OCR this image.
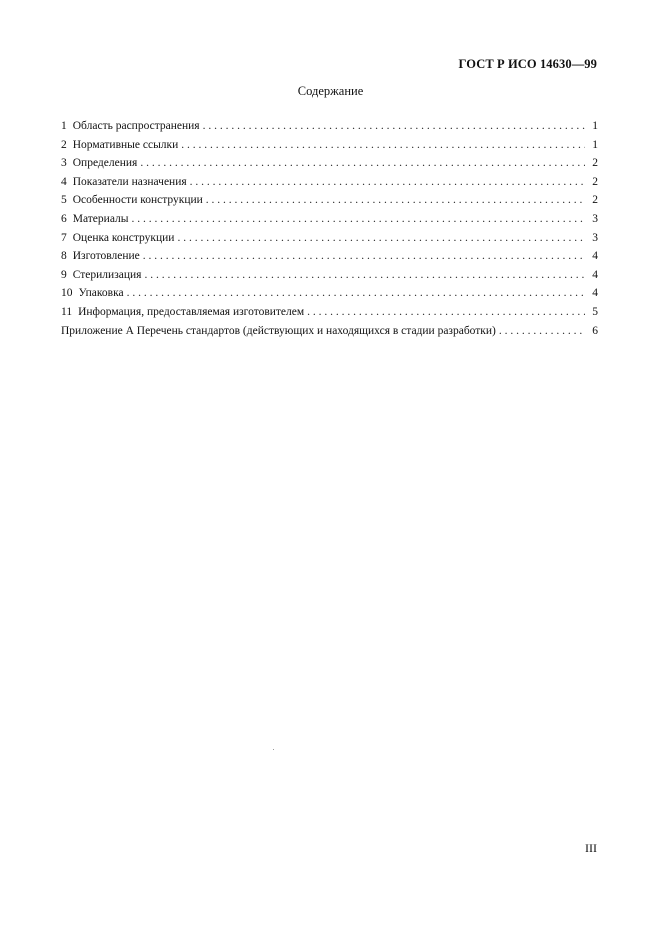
ГОСТ Р ИСО 14630—99
Содержание
1 Область распространения . . .	1
2 Нормативные ссылки . . .	1
3 Определения . . .	2
4 Показатели назначения . . .	2
5 Особенности конструкции . . .	2
6 Материалы . . .	3
7 Оценка конструкции . . .	3
8 Изготовление . . .	4
9 Стерилизация . . .	4
10 Упаковка . . .	4
11 Информация, предоставляемая изготовителем . . .	5
Приложение А Перечень стандартов (действующих и находящихся в стадии разработки) . . .	6
III
